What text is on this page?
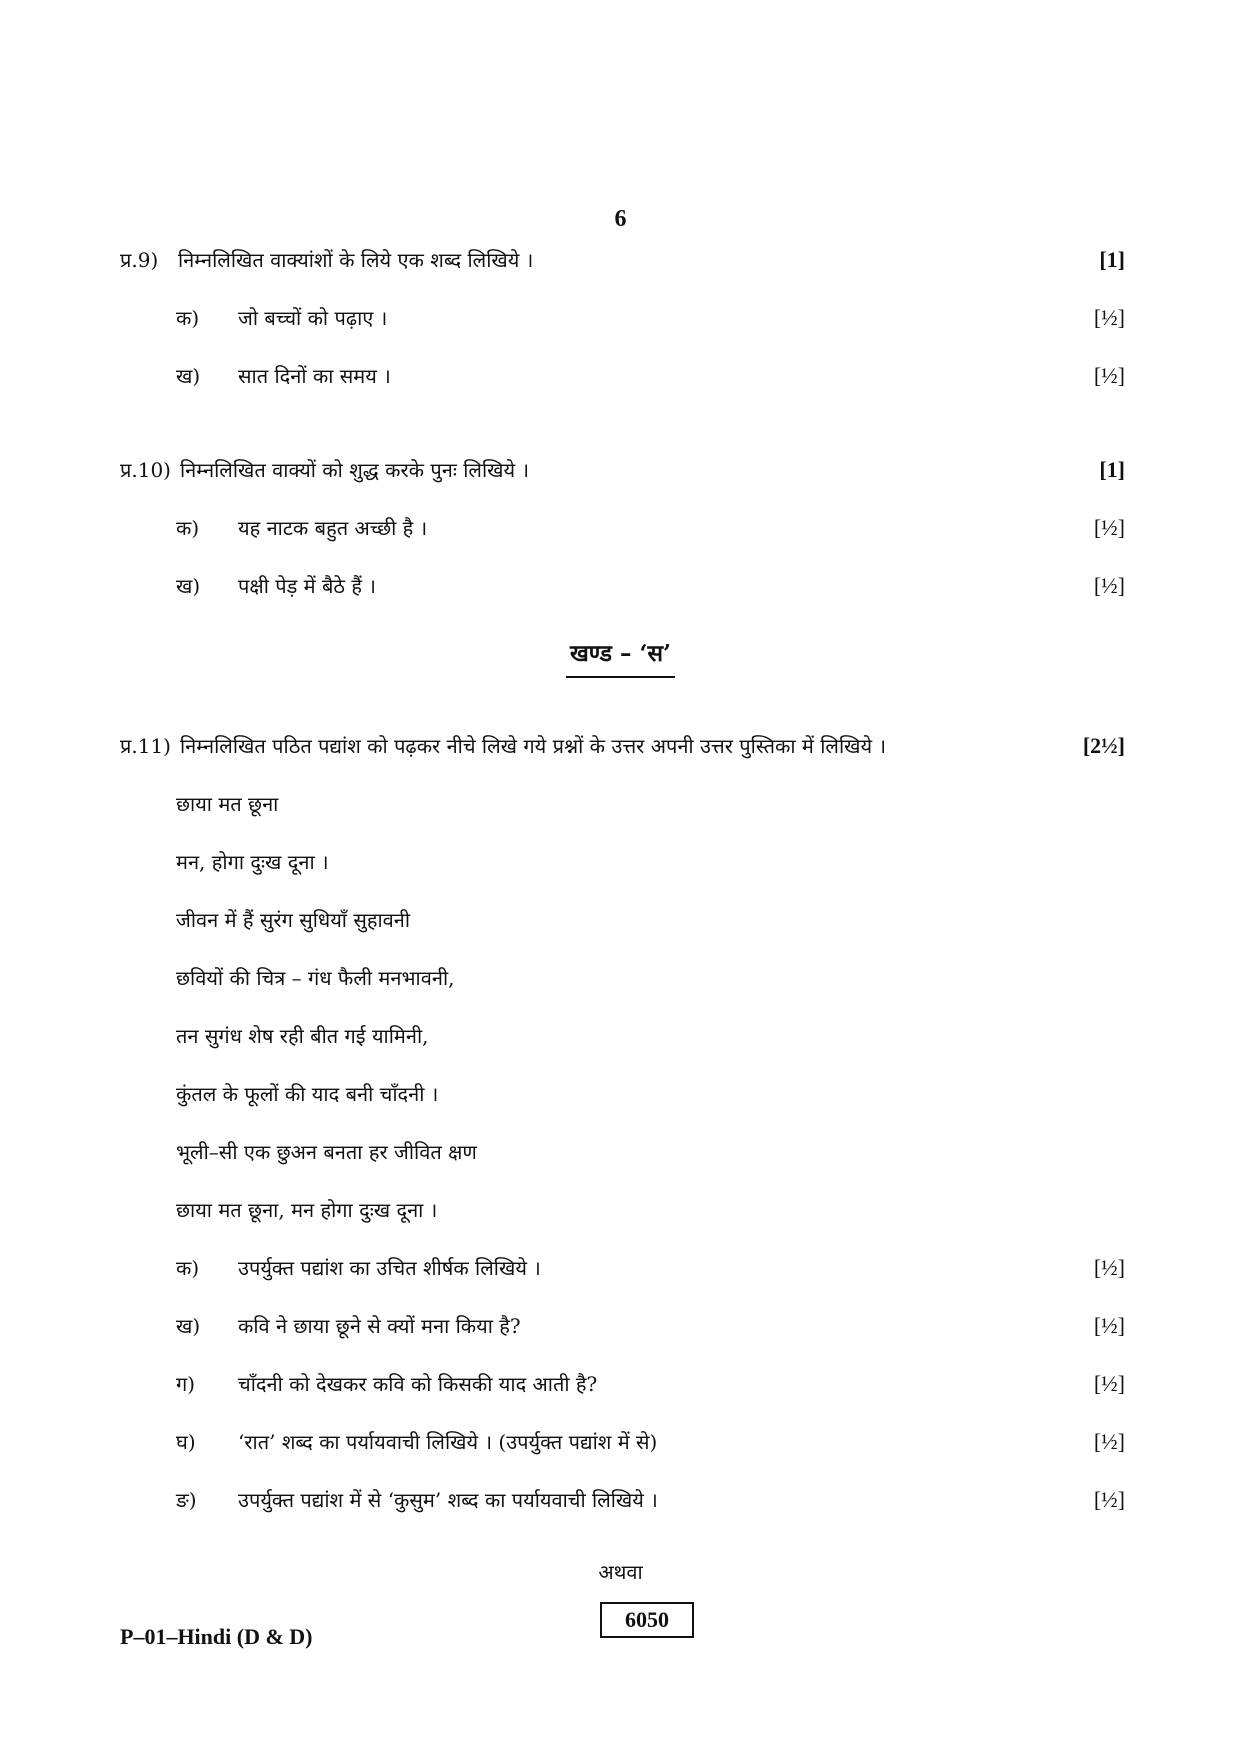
6
प्र.9) निम्नलिखित वाक्यांशों के लिये एक शब्द लिखिये ।	[1]
क) जो बच्चों को पढ़ाए ।	[½]
ख) सात दिनों का समय ।	[½]
प्र.10) निम्नलिखित वाक्यों को शुद्ध करके पुनः लिखिये ।	[1]
क) यह नाटक बहुत अच्छी है ।	[½]
ख) पक्षी पेड़ में बैठे हैं ।	[½]
खण्ड – ‘स’
प्र.11) निम्नलिखित पठित पद्यांश को पढ़कर नीचे लिखे गये प्रश्नों के उत्तर अपनी उत्तर पुस्तिका में लिखिये ।	[2½]
छाया मत छूना
मन, होगा दुःख दूना ।
जीवन में हैं सुरंग सुधियाँ सुहावनी
छवियों की चित्र – गंध फैली मनभावनी,
तन सुगंध शेष रही बीत गई यामिनी,
कुंतल के फूलों की याद बनी चाँदनी ।
भूली–सी एक छुअन बनता हर जीवित क्षण
छाया मत छूना, मन होगा दुःख दूना ।
क) उपर्युक्त पद्यांश का उचित शीर्षक लिखिये ।	[½]
ख) कवि ने छाया छूने से क्यों मना किया है?	[½]
ग) चाँदनी को देखकर कवि को किसकी याद आती है?	[½]
घ) ‘रात’ शब्द का पर्यायवाची लिखिये । (उपर्युक्त पद्यांश में से)	[½]
ङ) उपर्युक्त पद्यांश में से ‘कुसुम’ शब्द का पर्यायवाची लिखिये ।	[½]
अथवा
P–01–Hindi (D & D)
6050
